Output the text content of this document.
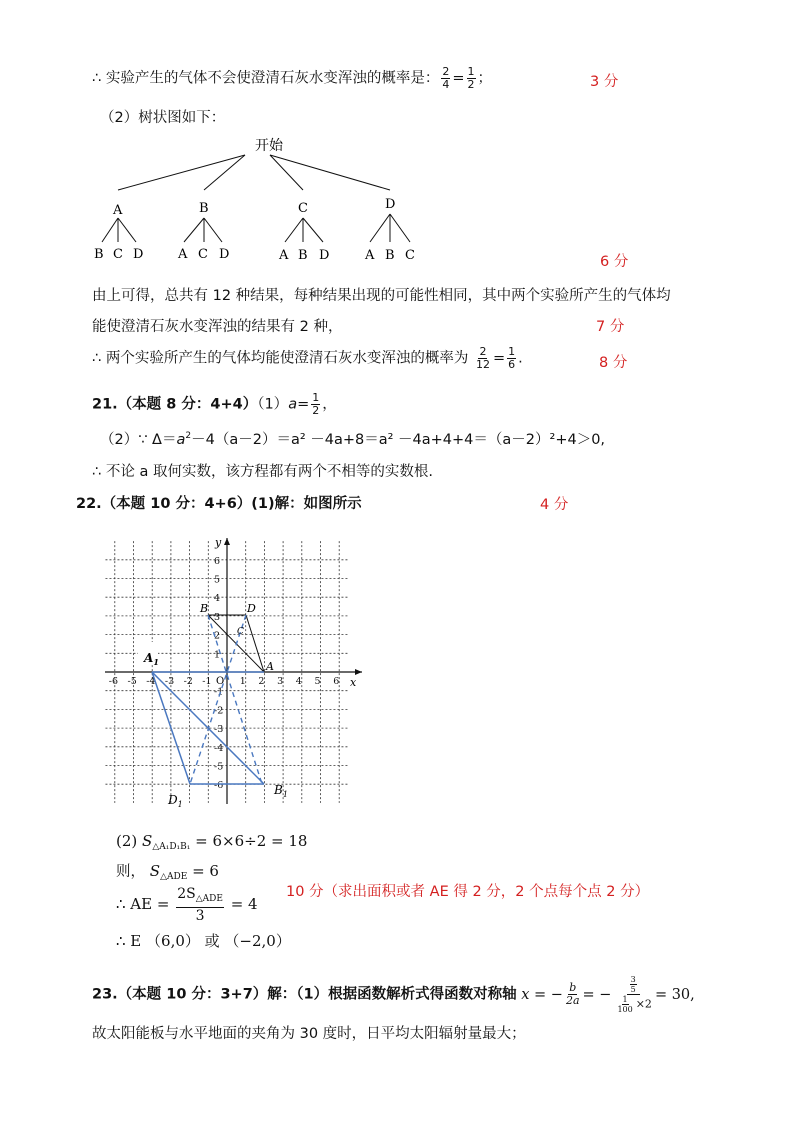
∴ 实验产生的气体不会使澄清石灰水变浑浊的概率是： $\frac{2}{4} = \frac{1}{2}$ ；	3 分
（2）树状图如下：
开始
A	B	C	D
B C D	A C D	A B D	A B C	6 分
由上可得，总共有 12 种结果，每种结果出现的可能性相同，其中两个实验所产生的气体均
能使澄清石灰水变浑浊的结果有 2 种，	7 分
∴ 两个实验所产生的气体均能使澄清石灰水变浑浊的概率为 $\frac{2}{12} = \frac{1}{6}$ .	8 分
21.（本题 8 分：$4+4)(1)a= \frac{1}{2}$ ，
（2）∵ $\Delta=a^2-4(a-2)=a^2 -4a+8=a^2 -4a+4+4=(a-2)^2+4>0$,
∴ 不论 a 取何实数，该方程都有两个不相等的实数根.
22.（本题 10 分：4+6）(1)解：如图所示	4 分
x
y
O
-6 -5 -4 -3 -2 -1	1 2 3 4 5 6
6
5
4
3
2
1
-1
-2
-3
-4
-5
-6
B	D
C
A
$A_1$
$D_1$
$B_1$
(2) $S_{\triangle A_1D_1B_1} = 6\times 6\div 2 = 18$
则， $S_{\triangle ADE} = 6$
∴ AE = $\frac{2S_{\triangle ADE}}{3} = 4$
∴ E （6,0） 或 （−2,0）
10 分（求出面积或者 AE 得 2 分，2 个点每个点 2 分）
23.（本题 10 分：3+7）解：（1）根据函数解析式得函数对称轴 x = − $\frac{b}{2a}$ = − $\frac{\frac{3}{5}}{\frac{1}{100} \times 2} = 30$,
故太阳能板与水平地面的夹角为 30 度时，日平均太阳辐射量最大；
